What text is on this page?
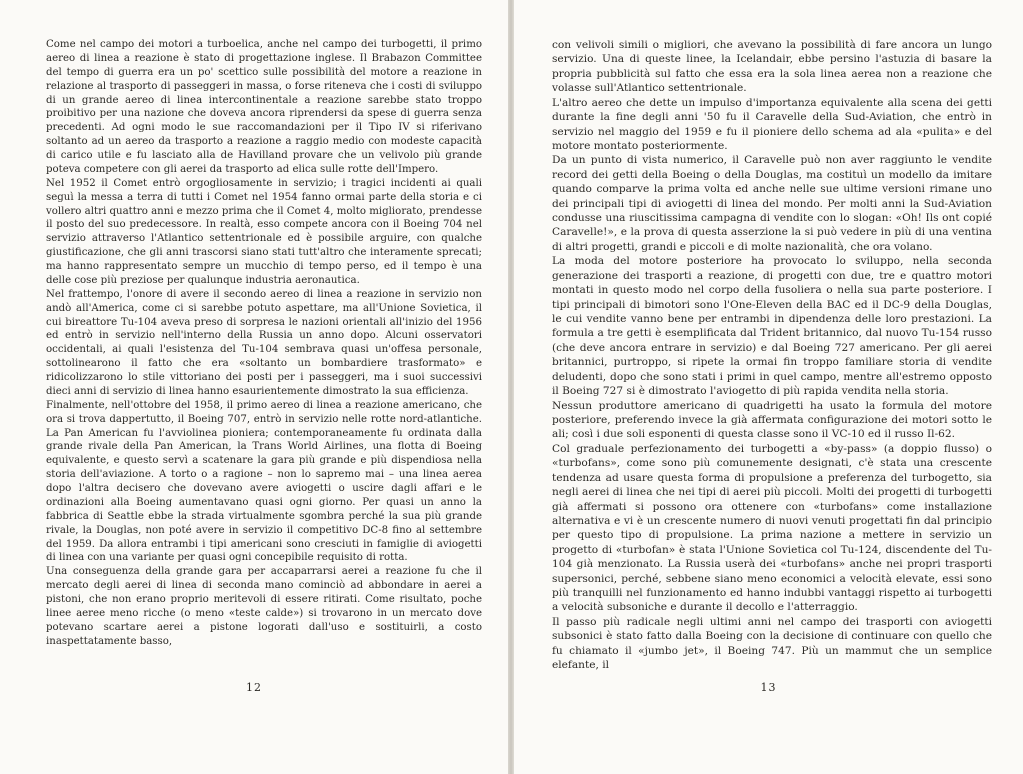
Come nel campo dei motori a turboelica, anche nel campo dei turbogetti, il primo aereo di linea a reazione è stato di progettazione inglese. Il Brabazon Committee del tempo di guerra era un po' scettico sulle possibilità del motore a reazione in relazione al trasporto di passeggeri in massa, o forse riteneva che i costi di sviluppo di un grande aereo di linea intercontinentale a reazione sarebbe stato troppo proibitivo per una nazione che doveva ancora riprendersi da spese di guerra senza precedenti. Ad ogni modo le sue raccomandazioni per il Tipo IV si riferivano soltanto ad un aereo da trasporto a reazione a raggio medio con modeste capacità di carico utile e fu lasciato alla de Havilland provare che un velivolo più grande poteva competere con gli aerei da trasporto ad elica sulle rotte dell'Impero.

Nel 1952 il Comet entrò orgogliosamente in servizio; i tragici incidenti ai quali seguì la messa a terra di tutti i Comet nel 1954 fanno ormai parte della storia e ci vollero altri quattro anni e mezzo prima che il Comet 4, molto migliorato, prendesse il posto del suo predecessore. In realtà, esso compete ancora con il Boeing 704 nel servizio attraverso l'Atlantico settentrionale ed è possibile arguire, con qualche giustificazione, che gli anni trascorsi siano stati tutt'altro che interamente sprecati; ma hanno rappresentato sempre un mucchio di tempo perso, ed il tempo è una delle cose più preziose per qualunque industria aeronautica.

Nel frattempo, l'onore di avere il secondo aereo di linea a reazione in servizio non andò all'America, come ci si sarebbe potuto aspettare, ma all'Unione Sovietica, il cui bireattore Tu-104 aveva preso di sorpresa le nazioni orientali all'inizio del 1956 ed entrò in servizio nell'interno della Russia un anno dopo. Alcuni osservatori occidentali, ai quali l'esistenza del Tu-104 sembrava quasi un'offesa personale, sottolinearono il fatto che era «soltanto un bombardiere trasformato» e ridicolizzarono lo stile vittoriano dei posti per i passeggeri, ma i suoi successivi dieci anni di servizio di linea hanno esaurientemente dimostrato la sua efficienza.

Finalmente, nell'ottobre del 1958, il primo aereo di linea a reazione americano, che ora si trova dappertutto, il Boeing 707, entrò in servizio nelle rotte nord-atlantiche. La Pan American fu l'avviolinea pioniera; contemporaneamente fu ordinata dalla grande rivale della Pan American, la Trans World Airlines, una flotta di Boeing equivalente, e questo servì a scatenare la gara più grande e più dispendiosa nella storia dell'aviazione. A torto o a ragione – non lo sapremo mai – una linea aerea dopo l'altra decisero che dovevano avere aviogetti o uscire dagli affari e le ordinazioni alla Boeing aumentavano quasi ogni giorno. Per quasi un anno la fabbrica di Seattle ebbe la strada virtualmente sgombra perché la sua più grande rivale, la Douglas, non poté avere in servizio il competitivo DC-8 fino al settembre del 1959. Da allora entrambi i tipi americani sono cresciuti in famiglie di aviogetti di linea con una variante per quasi ogni concepibile requisito di rotta.

Una conseguenza della grande gara per accaparrarsi aerei a reazione fu che il mercato degli aerei di linea di seconda mano cominciò ad abbondare in aerei a pistoni, che non erano proprio meritevoli di essere ritirati. Come risultato, poche linee aeree meno ricche (o meno «teste calde») si trovarono in un mercato dove potevano scartare aerei a pistone logorati dall'uso e sostituirli, a costo inaspettatamente basso,

12

con velivoli simili o migliori, che avevano la possibilità di fare ancora un lungo servizio. Una di queste linee, la Icelandair, ebbe persino l'astuzia di basare la propria pubblicità sul fatto che essa era la sola linea aerea non a reazione che volasse sull'Atlantico settentrionale.

L'altro aereo che dette un impulso d'importanza equivalente alla scena dei getti durante la fine degli anni '50 fu il Caravelle della Sud-Aviation, che entrò in servizio nel maggio del 1959 e fu il pioniere dello schema ad ala «pulita» e del motore montato posteriormente.

Da un punto di vista numerico, il Caravelle può non aver raggiunto le vendite record dei getti della Boeing o della Douglas, ma costituì un modello da imitare quando comparve la prima volta ed anche nelle sue ultime versioni rimane uno dei principali tipi di aviogetti di linea del mondo. Per molti anni la Sud-Aviation condusse una riuscitissima campagna di vendite con lo slogan: «Oh! Ils ont copié Caravelle!», e la prova di questa asserzione la si può vedere in più di una ventina di altri progetti, grandi e piccoli e di molte nazionalità, che ora volano.

La moda del motore posteriore ha provocato lo sviluppo, nella seconda generazione dei trasporti a reazione, di progetti con due, tre e quattro motori montati in questo modo nel corpo della fusoliera o nella sua parte posteriore. I tipi principali di bimotori sono l'One-Eleven della BAC ed il DC-9 della Douglas, le cui vendite vanno bene per entrambi in dipendenza delle loro prestazioni. La formula a tre getti è esemplificata dal Trident britannico, dal nuovo Tu-154 russo (che deve ancora entrare in servizio) e dal Boeing 727 americano. Per gli aerei britannici, purtroppo, si ripete la ormai fin troppo familiare storia di vendite deludenti, dopo che sono stati i primi in quel campo, mentre all'estremo opposto il Boeing 727 si è dimostrato l'aviogetto di più rapida vendita nella storia.

Nessun produttore americano di quadrigetti ha usato la formula del motore posteriore, preferendo invece la già affermata configurazione dei motori sotto le ali; così i due soli esponenti di questa classe sono il VC-10 ed il russo Il-62.

Col graduale perfezionamento dei turbogetti a «by-pass» (a doppio flusso) o «turbofans», come sono più comunemente designati, c'è stata una crescente tendenza ad usare questa forma di propulsione a preferenza del turbogetto, sia negli aerei di linea che nei tipi di aerei più piccoli. Molti dei progetti di turbogetti già affermati si possono ora ottenere con «turbofans» come installazione alternativa e vi è un crescente numero di nuovi venuti progettati fin dal principio per questo tipo di propulsione. La prima nazione a mettere in servizio un progetto di «turbofan» è stata l'Unione Sovietica col Tu-124, discendente del Tu-104 già menzionato. La Russia userà dei «turbofans» anche nei propri trasporti supersonici, perché, sebbene siano meno economici a velocità elevate, essi sono più tranquilli nel funzionamento ed hanno indubbi vantaggi rispetto ai turbogetti a velocità subsoniche e durante il decollo e l'atterraggio.

Il passo più radicale negli ultimi anni nel campo dei trasporti con aviogetti subsonici è stato fatto dalla Boeing con la decisione di continuare con quello che fu chiamato il «jumbo jet», il Boeing 747. Più un mammut che un semplice elefante, il

13
